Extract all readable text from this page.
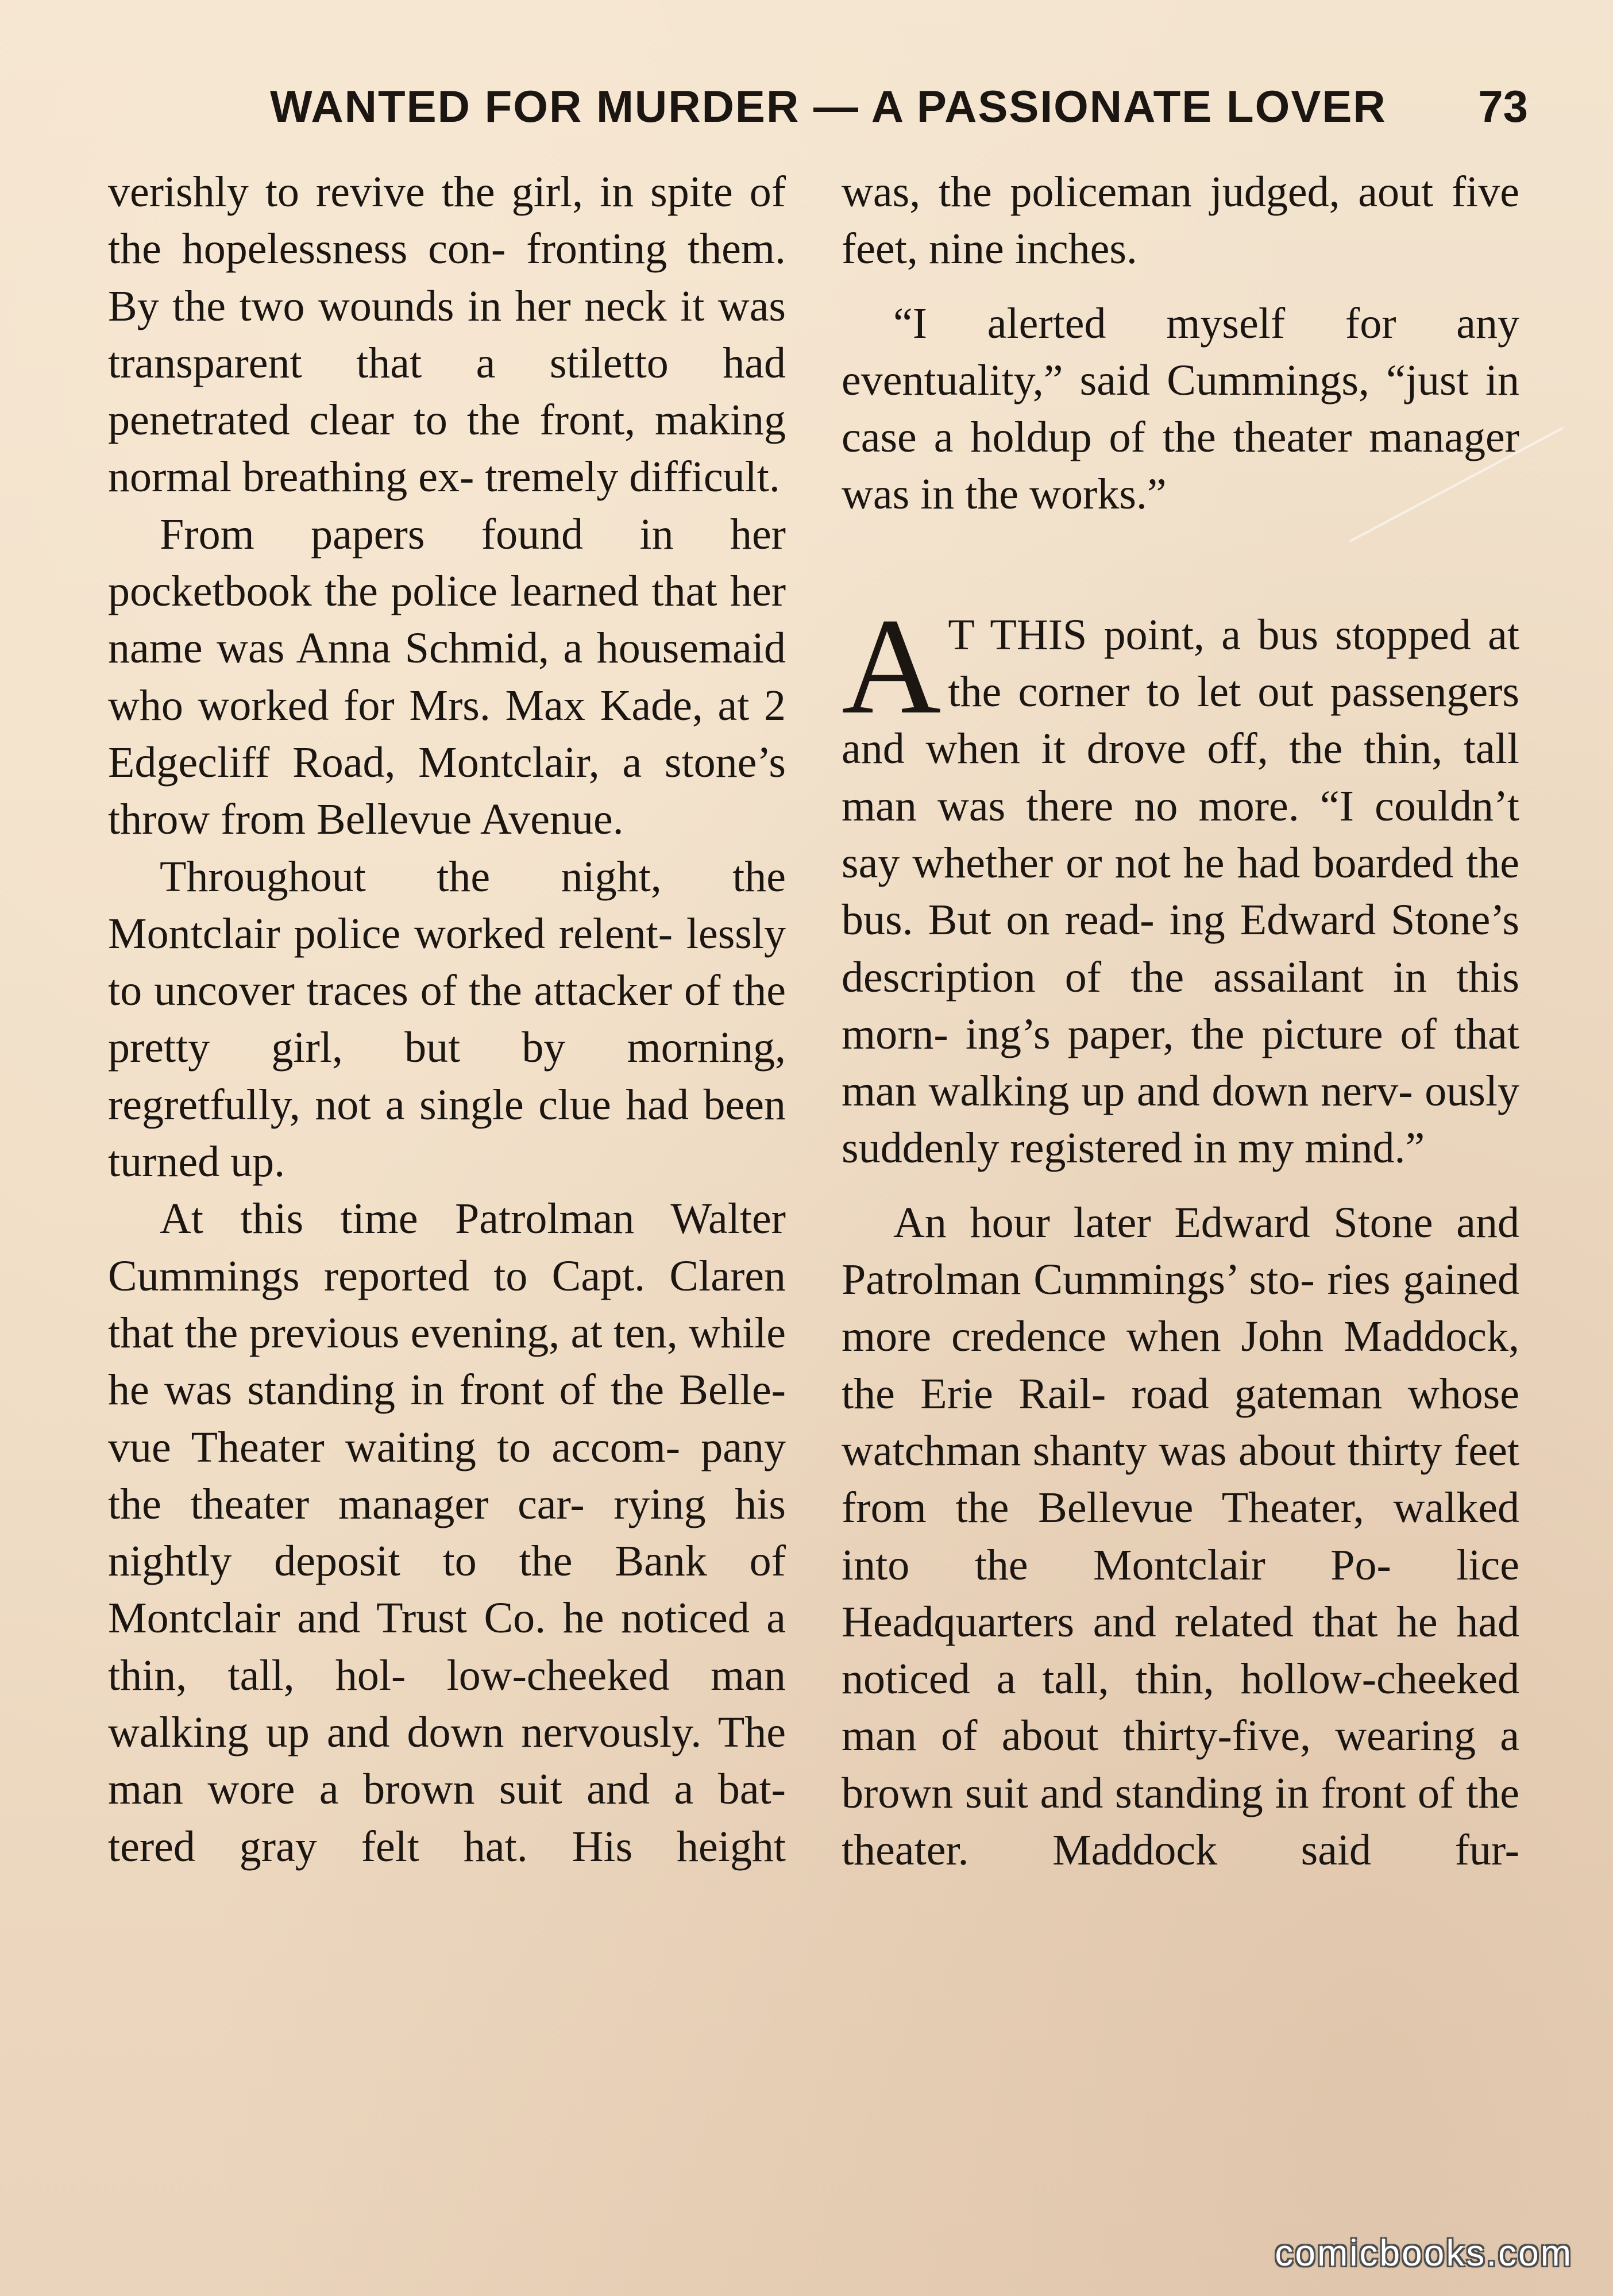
WANTED FOR MURDER — A PASSIONATE LOVER 73

verishly to revive the girl, in spite of the hopelessness con- fronting them. By the two wounds in her neck it was transparent that a stiletto had penetrated clear to the front, making normal breathing ex- tremely difficult.

From papers found in her pocketbook the police learned that her name was Anna Schmid, a housemaid who worked for Mrs. Max Kade, at 2 Edgecliff Road, Montclair, a stone’s throw from Bellevue Avenue.

Throughout the night, the Montclair police worked relent- lessly to uncover traces of the attacker of the pretty girl, but by morning, regretfully, not a single clue had been turned up.

At this time Patrolman Walter Cummings reported to Capt. Claren that the previous evening, at ten, while he was standing in front of the Belle- vue Theater waiting to accom- pany the theater manager car- rying his nightly deposit to the Bank of Montclair and Trust Co. he noticed a thin, tall, hol- low-cheeked man walking up and down nervously. The man wore a brown suit and a bat- tered gray felt hat. His height

was, the policeman judged, aout five feet, nine inches.

“I alerted myself for any eventuality,” said Cummings, “just in case a holdup of the theater manager was in the works.”

A T THIS point, a bus stopped at the corner to let out passengers and when it drove off, the thin, tall man was there no more. “I couldn’t say whether or not he had boarded the bus. But on read- ing Edward Stone’s description of the assailant in this morn- ing’s paper, the picture of that man walking up and down nerv- ously suddenly registered in my mind.”

An hour later Edward Stone and Patrolman Cummings’ sto- ries gained more credence when John Maddock, the Erie Rail- road gateman whose watchman shanty was about thirty feet from the Bellevue Theater, walked into the Montclair Po- lice Headquarters and related that he had noticed a tall, thin, hollow-cheeked man of about thirty-five, wearing a brown suit and standing in front of the theater. Maddock said fur-

comicbooks.com
